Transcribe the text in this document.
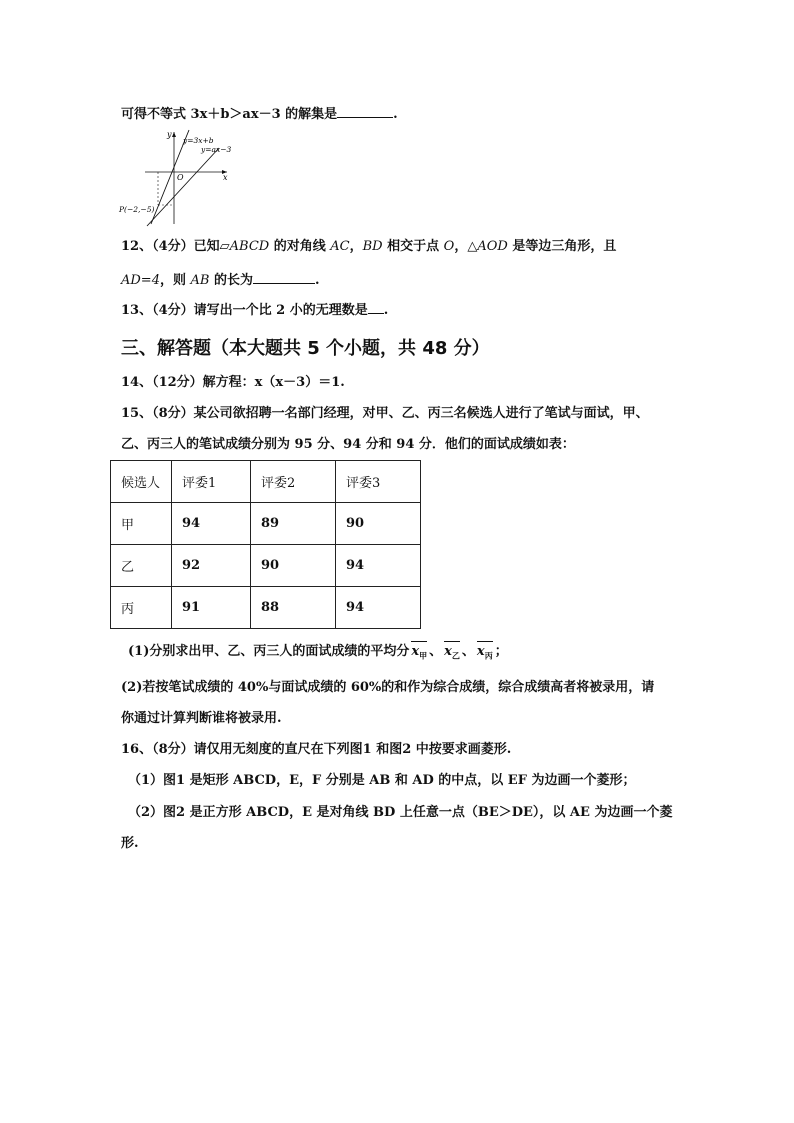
可得不等式 3x＋b＞ax－3 的解集是	.
y
x
O
y=3x+b
y=ax−3
P(−2,−5)
12、（4分）已知▱ABCD 的对角线 AC，BD 相交于点 O，△AOD 是等边三角形，且
AD=4，则 AB 的长为	.
13、（4分）请写出一个比 2 小的无理数是 .
三、解答题（本大题共 5 个小题，共 48 分）
14、（12分）解方程：x（x－3）＝1.
15、（8分）某公司欲招聘一名部门经理，对甲、乙、丙三名候选人进行了笔试与面试，甲、
乙、丙三人的笔试成绩分别为 95 分、94 分和 94 分．他们的面试成绩如表：
候选人	评委1	评委2	评委3
甲	94	89	90
乙	92	90	94
丙	91	88	94
(1)分别求出甲、乙、丙三人的面试成绩的平均分 $x_甲$ 、 $x_乙$ 、 $x_丙$ ；
(2)若按笔试成绩的 40%与面试成绩的 60%的和作为综合成绩，综合成绩高者将被录用，请
你通过计算判断谁将被录用.
16、（8分）请仅用无刻度的直尺在下列图1 和图2 中按要求画菱形.
（1）图1 是矩形 ABCD，E，F 分别是 AB 和 AD 的中点，以 EF 为边画一个菱形；
（2）图2 是正方形 ABCD，E 是对角线 BD 上任意一点（BE＞DE），以 AE 为边画一个菱
形.
